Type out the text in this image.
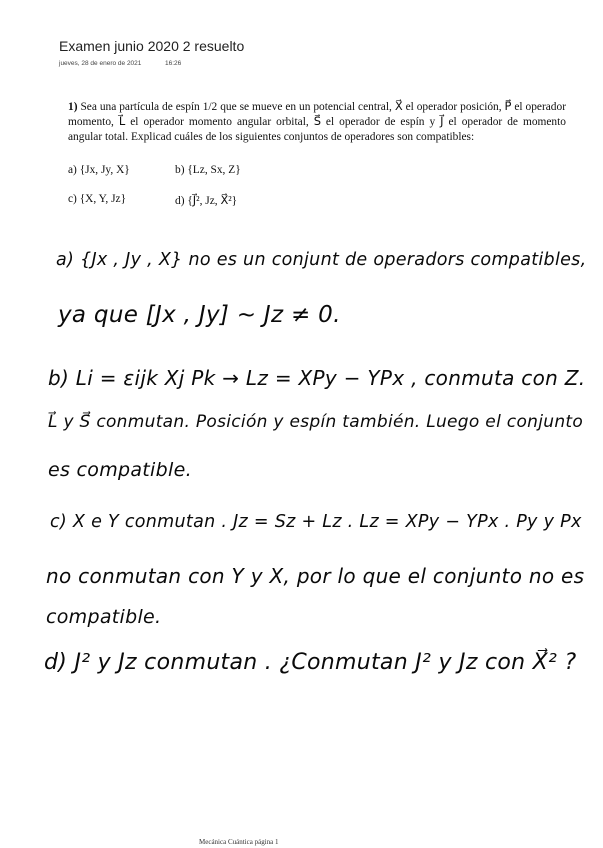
Examen junio 2020 2 resuelto
jueves, 28 de enero de 2021	16:26
1) Sea una partícula de espín 1/2 que se mueve en un potencial central, X⃗ el operador posición, P⃗ el operador momento, L⃗ el operador momento angular orbital, S⃗ el operador de espín y J⃗ el operador de momento angular total. Explicad cuáles de los siguientes conjuntos de operadores son compatibles:
a) {Jx, Jy, X}	b) {Lz, Sx, Z}
c) {X, Y, Jz}	d) {J⃗², Jz, X⃗²}
a) {Jx , Jy , X} no es un conjunt de operadors compatibles,
ya que [Jx , Jy] ~ Jz ≠ 0.
b) Li = εijk Xj Pk → Lz = XPy − YPx , conmuta con Z.
L⃗ y S⃗ conmutan. Posición y espín también. Luego el conjunto
es compatible.
c) X e Y conmutan . Jz = Sz + Lz . Lz = XPy − YPx . Py y Px
no conmutan con Y y X, por lo que el conjunto no es
compatible.
d) J² y Jz conmutan . ¿Conmutan J² y Jz con X⃗² ?
Mecánica Cuántica página 1
